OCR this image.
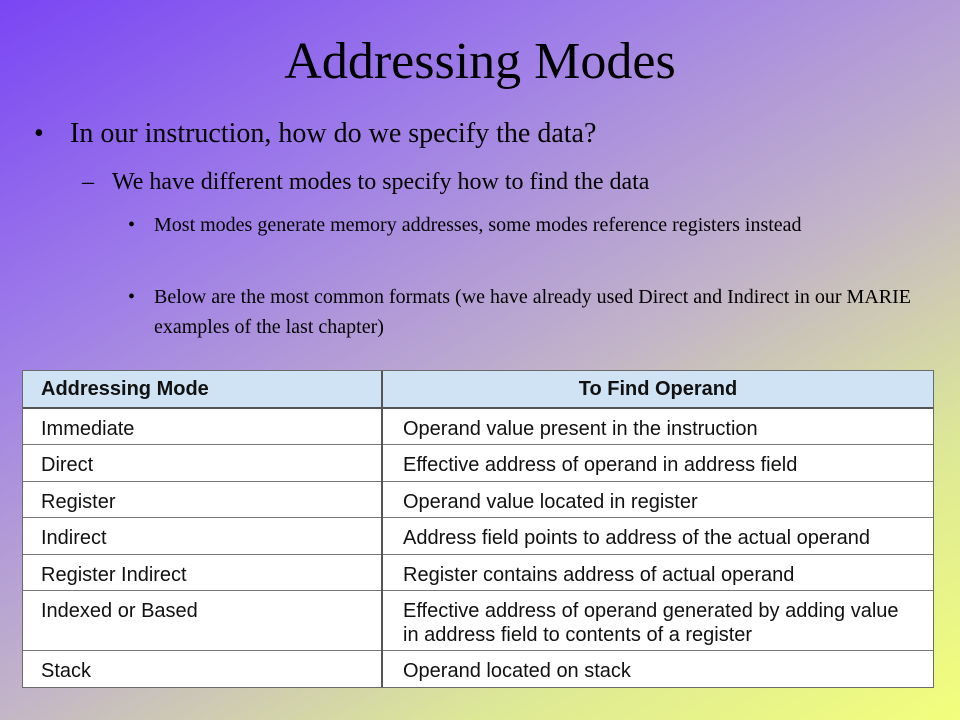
Addressing Modes
• In our instruction, how do we specify the data?
– We have different modes to specify how to find the data
• Most modes generate memory addresses, some modes reference registers instead
• Below are the most common formats (we have already used Direct and Indirect in our MARIE examples of the last chapter)
Addressing Mode	To Find Operand

Immediate	Operand value present in the instruction

Direct	Effective address of operand in address field

Register	Operand value located in register

Indirect	Address field points to address of the actual operand

Register Indirect	Register contains address of actual operand

Indexed or Based	Effective address of operand generated by adding value in address field to contents of a register

Stack	Operand located on stack
